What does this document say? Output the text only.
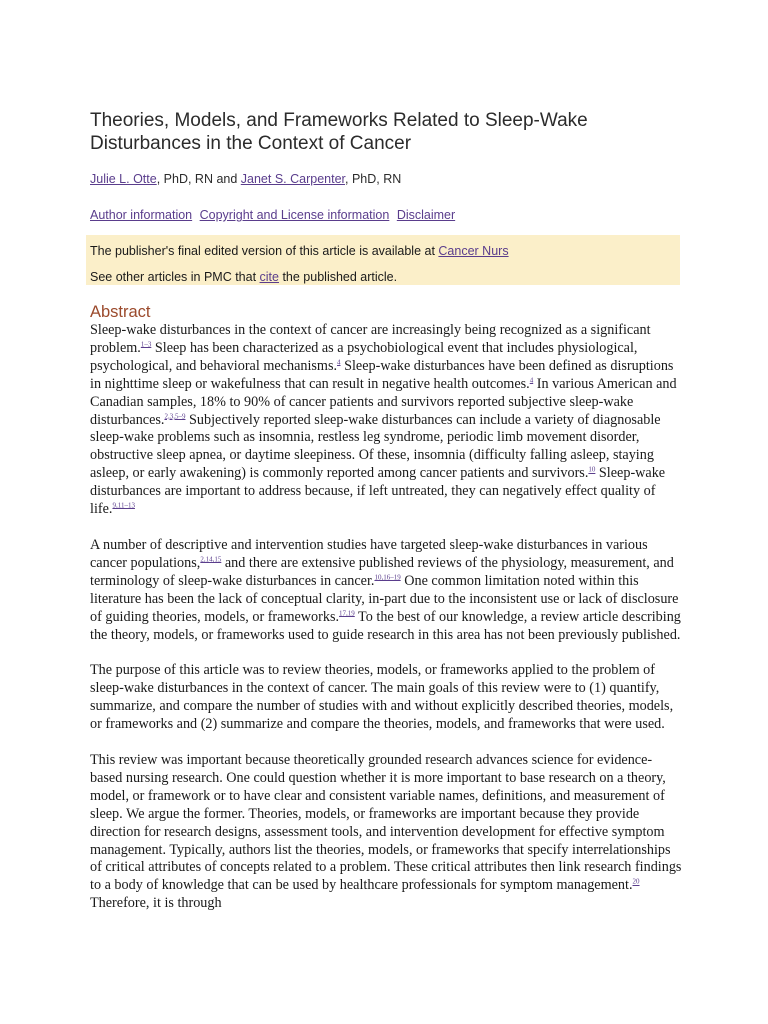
Theories, Models, and Frameworks Related to Sleep-Wake Disturbances in the Context of Cancer

Julie L. Otte, PhD, RN and Janet S. Carpenter, PhD, RN

Author information Copyright and License information Disclaimer
The publisher's final edited version of this article is available at Cancer Nurs
See other articles in PMC that cite the published article.
Abstract

Sleep-wake disturbances in the context of cancer are increasingly being recognized as a significant problem.$^{1-3}$ Sleep has been characterized as a psychobiological event that includes physiological, psychological, and behavioral mechanisms.$^4$ Sleep-wake disturbances have been defined as disruptions in nighttime sleep or wakefulness that can result in negative health outcomes.$^4$ In various American and Canadian samples, 18% to 90% of cancer patients and survivors reported subjective sleep-wake disturbances.$^{2,3,5-9}$ Subjectively reported sleep-wake disturbances can include a variety of diagnosable sleep-wake problems such as insomnia, restless leg syndrome, periodic limb movement disorder, obstructive sleep apnea, or daytime sleepiness. Of these, insomnia (difficulty falling asleep, staying asleep, or early awakening) is commonly reported among cancer patients and survivors.$^{10}$ Sleep-wake disturbances are important to address because, if left untreated, they can negatively effect quality of life.$^{9,11-13}$

A number of descriptive and intervention studies have targeted sleep-wake disturbances in various cancer populations,$^{2,14,15}$ and there are extensive published reviews of the physiology, measurement, and terminology of sleep-wake disturbances in cancer.$^{10,16-19}$ One common limitation noted within this literature has been the lack of conceptual clarity, in-part due to the inconsistent use or lack of disclosure of guiding theories, models, or frameworks.$^{17,19}$ To the best of our knowledge, a review article describing the theory, models, or frameworks used to guide research in this area has not been previously published.

The purpose of this article was to review theories, models, or frameworks applied to the problem of sleep-wake disturbances in the context of cancer. The main goals of this review were to (1) quantify, summarize, and compare the number of studies with and without explicitly described theories, models, or frameworks and (2) summarize and compare the theories, models, and frameworks that were used.

This review was important because theoretically grounded research advances science for evidence-based nursing research. One could question whether it is more important to base research on a theory, model, or framework or to have clear and consistent variable names, definitions, and measurement of sleep. We argue the former. Theories, models, or frameworks are important because they provide direction for research designs, assessment tools, and intervention development for effective symptom management. Typically, authors list the theories, models, or frameworks that specify interrelationships of critical attributes of concepts related to a problem. These critical attributes then link research findings to a body of knowledge that can be used by healthcare professionals for symptom management.$^{20}$ Therefore, it is through
